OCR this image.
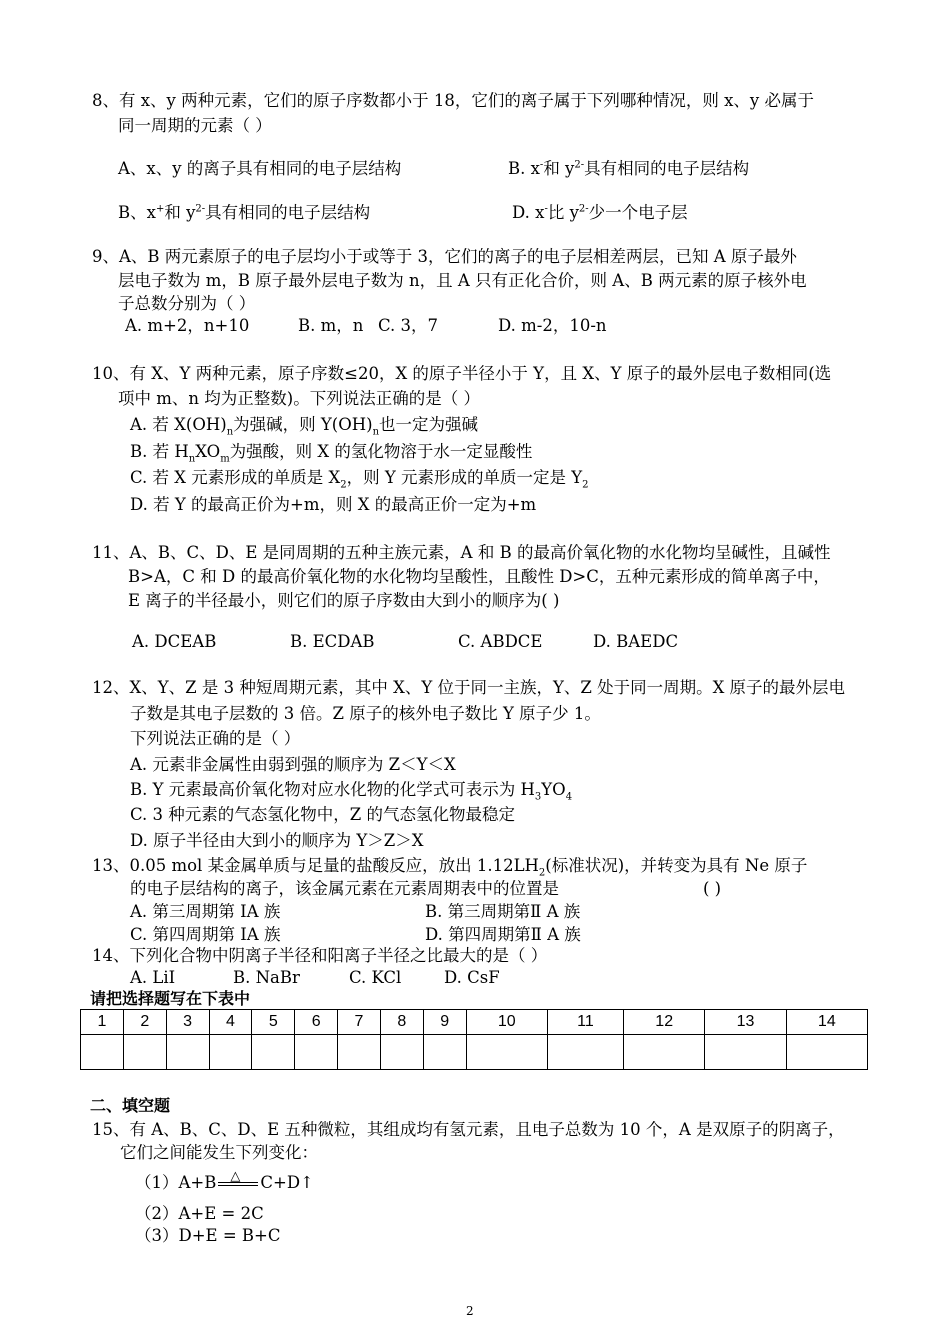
8、有 x、y 两种元素，它们的原子序数都小于 18，它们的离子属于下列哪种情况，则 x、y 必属于
同一周期的元素（ ）
A、x、y 的离子具有相同的电子层结构	B. x-和 $y^{2-}$具有相同的电子层结构
B、x+和 $y^{2-}$具有相同的电子层结构	D. x-比 $y^{2-}$少一个电子层
9、A、B 两元素原子的电子层均小于或等于 3，它们的离子的电子层相差两层，已知 A 原子最外
层电子数为 m，B 原子最外层电子数为 n，且 A 只有正化合价，则 A、B 两元素的原子核外电
子总数分别为（ ）
A. m+2，n+10	B. m，n C. 3，7	D. m-2，10-n
10、有 X、Y 两种元素，原子序数≤20，X 的原子半径小于 Y，且 X、Y 原子的最外层电子数相同(选
项中 m、n 均为正整数)。下列说法正确的是（ ）
A. 若 $X(OH)_n$为强碱，则 $Y(OH)_n$也一定为强碱
B. 若 $H_nXO_m$为强酸，则 X 的氢化物溶于水一定显酸性
C. 若 X 元素形成的单质是 $X_2$，则 Y 元素形成的单质一定是 $Y_2$
D. 若 Y 的最高正价为+m，则 X 的最高正价一定为+m
11、A、B、C、D、E 是同周期的五种主族元素，A 和 B 的最高价氧化物的水化物均呈碱性，且碱性
B>A，C 和 D 的最高价氧化物的水化物均呈酸性，且酸性 D>C，五种元素形成的简单离子中，
E 离子的半径最小，则它们的原子序数由大到小的顺序为( )
A. DCEAB	B. ECDAB	C. ABDCE	D. BAEDC
12、X、Y、Z 是 3 种短周期元素，其中 X、Y 位于同一主族，Y、Z 处于同一周期。X 原子的最外层电
子数是其电子层数的 3 倍。Z 原子的核外电子数比 Y 原子少 1。
下列说法正确的是（ ）
A. 元素非金属性由弱到强的顺序为 Z＜Y＜X
B. Y 元素最高价氧化物对应水化物的化学式可表示为 $H_3YO_4$
C. 3 种元素的气态氢化物中，Z 的气态氢化物最稳定
D. 原子半径由大到小的顺序为 Y＞Z＞X
13、0.05 mol 某金属单质与足量的盐酸反应，放出 $1.12LH_2$(标准状况)，并转变为具有 Ne 原子
的电子层结构的离子，该金属元素在元素周期表中的位置是	( )
A. 第三周期第 IA 族	B. 第三周期第Ⅱ A 族
C. 第四周期第 IA 族	D. 第四周期第Ⅱ A 族
14、下列化合物中阴离子半径和阳离子半径之比最大的是（ ）
A. LiI	B. NaBr	C. KCl	D. CsF
请把选择题写在下表中
1	2	3	4	5	6	7	8	9	10	11	12	13	14

二、填空题
15、有 A、B、C、D、E 五种微粒，其组成均有氢元素，且电子总数为 10 个，A 是双原子的阴离子，
它们之间能发生下列变化：
（1）A+B △ C+D↑
（2）A+E = 2C
（3）D+E = B+C
2
